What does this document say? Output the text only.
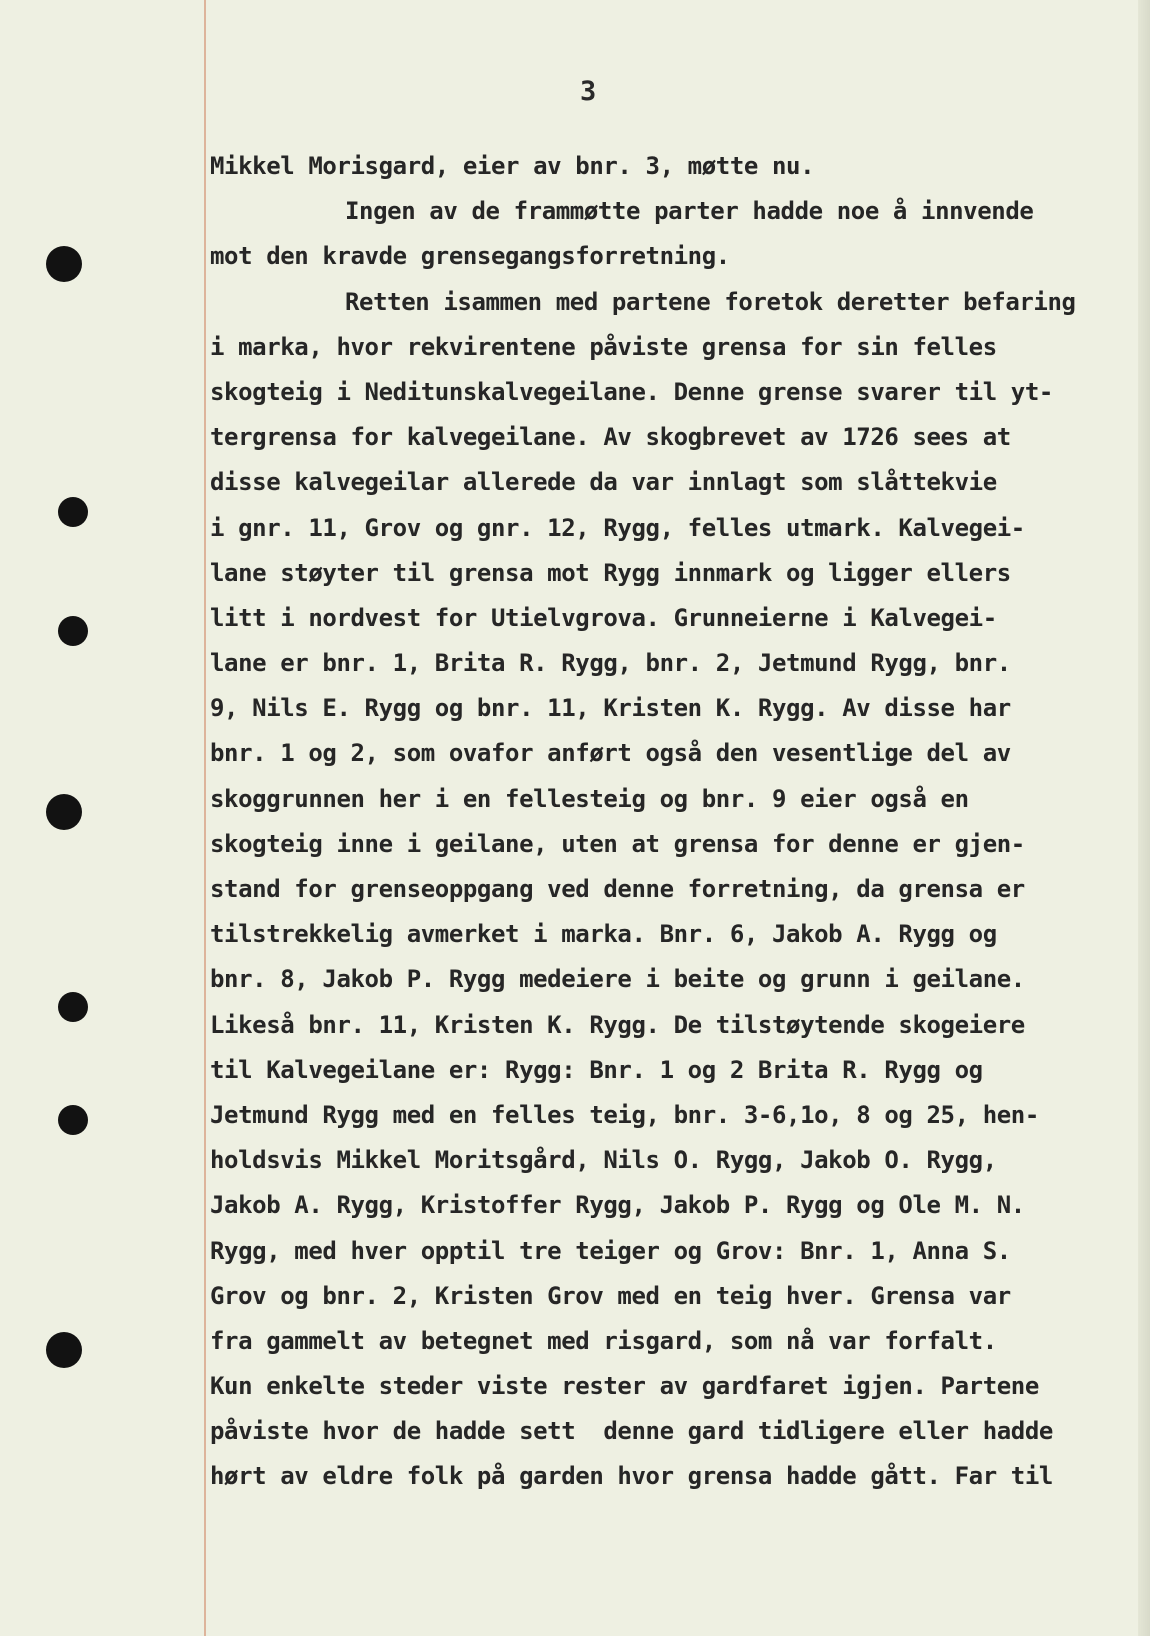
3
Mikkel Morisgard, eier av bnr. 3, møtte nu.
Ingen av de frammøtte parter hadde noe å innvende
mot den kravde grensegangsforretning.
Retten isammen med partene foretok deretter befaring
i marka, hvor rekvirentene påviste grensa for sin felles
skogteig i Neditunskalvegeilane. Denne grense svarer til yt-
tergrensa for kalvegeilane. Av skogbrevet av 1726 sees at
disse kalvegeilar allerede da var innlagt som slåttekvie
i gnr. 11, Grov og gnr. 12, Rygg, felles utmark. Kalvegei-
lane støyter til grensa mot Rygg innmark og ligger ellers
litt i nordvest for Utielvgrova. Grunneierne i Kalvegei-
lane er bnr. 1, Brita R. Rygg, bnr. 2, Jetmund Rygg, bnr.
9, Nils E. Rygg og bnr. 11, Kristen K. Rygg. Av disse har
bnr. 1 og 2, som ovafor anført også den vesentlige del av
skoggrunnen her i en fellesteig og bnr. 9 eier også en
skogteig inne i geilane, uten at grensa for denne er gjen-
stand for grenseoppgang ved denne forretning, da grensa er
tilstrekkelig avmerket i marka. Bnr. 6, Jakob A. Rygg og
bnr. 8, Jakob P. Rygg medeiere i beite og grunn i geilane.
Likeså bnr. 11, Kristen K. Rygg. De tilstøytende skogeiere
til Kalvegeilane er: Rygg: Bnr. 1 og 2 Brita R. Rygg og
Jetmund Rygg med en felles teig, bnr. 3-6,1o, 8 og 25, hen-
holdsvis Mikkel Moritsgård, Nils O. Rygg, Jakob O. Rygg,
Jakob A. Rygg, Kristoffer Rygg, Jakob P. Rygg og Ole M. N.
Rygg, med hver opptil tre teiger og Grov: Bnr. 1, Anna S.
Grov og bnr. 2, Kristen Grov med en teig hver. Grensa var
fra gammelt av betegnet med risgard, som nå var forfalt.
Kun enkelte steder viste rester av gardfaret igjen. Partene
påviste hvor de hadde sett  denne gard tidligere eller hadde
hørt av eldre folk på garden hvor grensa hadde gått. Far til
